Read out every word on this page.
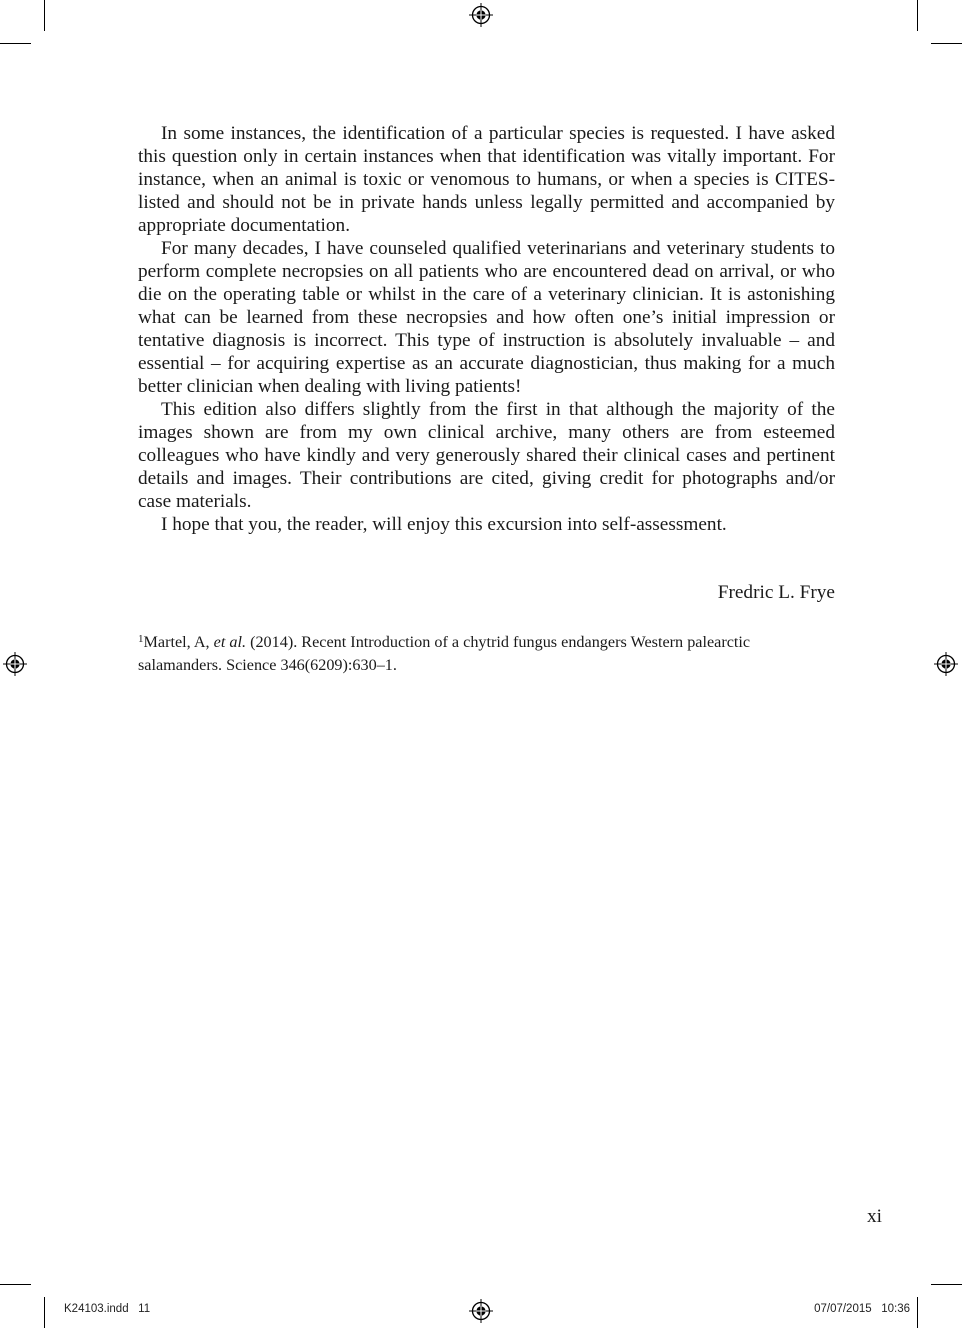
In some instances, the identification of a particular species is requested. I have asked this question only in certain instances when that identification was vitally important. For instance, when an animal is toxic or venomous to humans, or when a species is CITES-listed and should not be in private hands unless legally permitted and accompanied by appropriate documentation.

For many decades, I have counseled qualified veterinarians and veterinary students to perform complete necropsies on all patients who are encountered dead on arrival, or who die on the operating table or whilst in the care of a veterinary clinician. It is astonishing what can be learned from these necropsies and how often one’s initial impression or tentative diagnosis is incorrect. This type of instruction is absolutely invaluable – and essential – for acquiring expertise as an accurate diagnostician, thus making for a much better clinician when dealing with living patients!

This edition also differs slightly from the first in that although the majority of the images shown are from my own clinical archive, many others are from esteemed colleagues who have kindly and very generously shared their clinical cases and pertinent details and images. Their contributions are cited, giving credit for photographs and/or case materials.

I hope that you, the reader, will enjoy this excursion into self-assessment.

Fredric L. Frye
$^1$Martel, A, et al. (2014). Recent Introduction of a chytrid fungus endangers Western palearctic
salamanders. Science 346(6209):630–1.
xi
K24103.indd   11	07/07/2015   10:36
